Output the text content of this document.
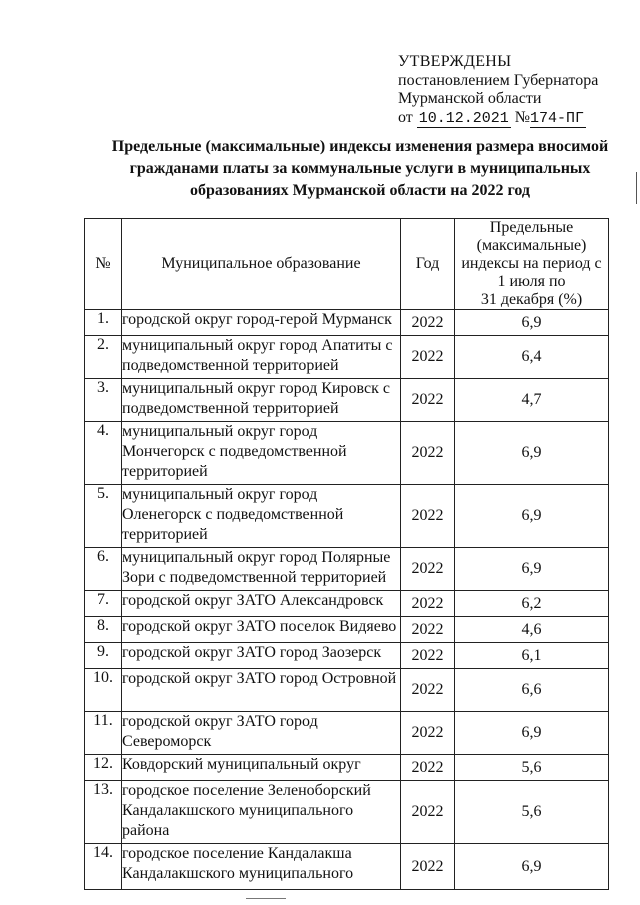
УТВЕРЖДЕНЫ
постановлением Губернатора
Мурманской области
от 10.12.2021 №174-ПГ
Предельные (максимальные) индексы изменения размера вносимой
гражданами платы за коммунальные услуги в муниципальных
образованиях Мурманской области на 2022 год
№	Муниципальное образование	Год	Предельные
(максимальные)
индексы на период с
1 июля по
31 декабря (%)

1.	городской округ город-герой Мурманск	2022	6,9
2.	муниципальный округ город Апатиты с подведомственной территорией	2022	6,4
3.	муниципальный округ город Кировск с подведомственной территорией	2022	4,7
4.	муниципальный округ город Мончегорск с подведомственной территорией	2022	6,9
5.	муниципальный округ город Оленегорск с подведомственной территорией	2022	6,9
6.	муниципальный округ город Полярные Зори с подведомственной территорией	2022	6,9
7.	городской округ ЗАТО Александровск	2022	6,2
8.	городской округ ЗАТО поселок Видяево	2022	4,6
9.	городской округ ЗАТО город Заозерск	2022	6,1
10.	городской округ ЗАТО город Островной	2022	6,6
11.	городской округ ЗАТО город Североморск	2022	6,9
12.	Ковдорский муниципальный округ	2022	5,6
13.	городское поселение Зеленоборский Кандалакшского муниципального района	2022	5,6
14.	городское поселение Кандалакша Кандалакшского муниципального	2022	6,9
